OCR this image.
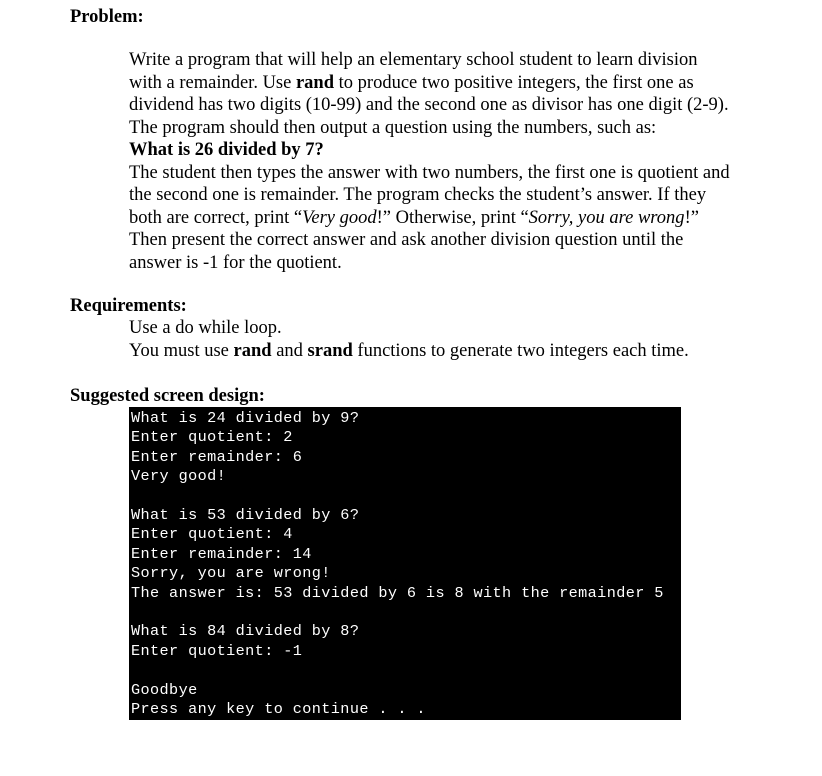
Problem:
Write a program that will help an elementary school student to learn division
with a remainder. Use rand to produce two positive integers, the first one as
dividend has two digits (10-99) and the second one as divisor has one digit (2-9).
The program should then output a question using the numbers, such as:
What is 26 divided by 7?
The student then types the answer with two numbers, the first one is quotient and
the second one is remainder. The program checks the student’s answer. If they
both are correct, print “Very good!” Otherwise, print “Sorry, you are wrong!”
Then present the correct answer and ask another division question until the
answer is -1 for the quotient.
Requirements:
Use a do while loop.
You must use rand and srand functions to generate two integers each time.
Suggested screen design:
What is 24 divided by 9?
Enter quotient: 2
Enter remainder: 6
Very good!
What is 53 divided by 6?
Enter quotient: 4
Enter remainder: 14
Sorry, you are wrong!
The answer is: 53 divided by 6 is 8 with the remainder 5
What is 84 divided by 8?
Enter quotient: -1
Goodbye
Press any key to continue . . .
